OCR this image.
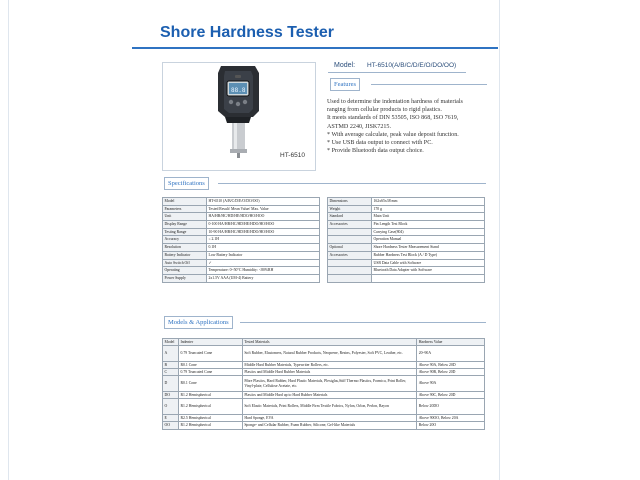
Shore Hardness Tester
88.8
HT-6510
Model: HT-6510(A/B/C/D/E/O/DO/OO)
Features

Used to determine the indentation hardness of materials

ranging from cellular products to rigid plastics.

It meets standards of DIN 53505, ISO 868, ISO 7619,

ASTMD 2240, JISK7215.

* With average calculate, peak value deposit function.

* Use USB data output to connect with PC.

* Provide Bluetooth data output choice.

Specifications
Model	HT-6510 (A/B/C/D/E/O/DO/OO)
Parameters	Tested Result/ Mean Value/ Max. Value
Unit	HA/HB/HC/HD/HE/HDO/HO/HOO
Display Range	0-100 HA/HB/HC/HD/HE/HDO/HO/HOO
Testing Range	10-90 HA/HB/HC/HD/HE/HDO/HO/HOO
Accuracy	≤ 2.1H
Resolution	0.1H
Battery Indicator	Low Battery Indicator
Auto Switch Off	✓
Operating	Temperature: 0~50°C Humidity: <80%RH
Power Supply	2x1.5V AAA (UM-4) Battery
Dimensions	162x65x38 mm
Weight	170 g
Standard	Main Unit
Accessories	Pin Length Test Block
	Carrying Case(804)
	Operation Manual
Optional	Shore Hardness Tester Measurement Stand
Accessories	Rubber Hardness Test Block (A / D Type)
	USB Data Cable with Software
	Bluetooth Data Adapter with Software

Models & Applications
Model	Indenter	Tested Materials	Hardness Value
A	0.79 Truncated Cone	Soft Rubber, Elastomers, Natural Rubber Products, Neoprene, Resins, Polyester, Soft PVC, Leather, etc.	20~90A
B	R0.1 Cone	Middle Hard Rubber Materials, Typewriter Rollers, etc.	Above 90A, Below 20D
C	0.79 Truncated Cone	Plastics and Middle Hard Rubber Materials	Above 90B, Below 20D
D	R0.1 Cone	Fibre Plastics, Hard Rubber, Hard Plastic Materials, Plexiglas,Stiff Thermo Plastics, Formica, Print Roller, Vinyl-plate, Cellulose Acetate, etc.	Above 90A
DO	R1.2 Hemispherical	Plastics and Middle Hard up to Hard Rubber Materials	Above 90C, Below 20D
O	R1.2 Hemispherical	Soft Elastic Materials, Print Rollers, Middle Firm Textile Fabrics, Nylon, Orlon, Perlon, Rayon	Below 20DO
E	R2.5 Hemispherical	Hard Sponge, EVA	Above 90OO, Below 20A
OO	R1.2 Hemispherical	Sponge- and Cellular Rubber, Foam Rubber, Silicone, Gel-like Materials	Below 20O
